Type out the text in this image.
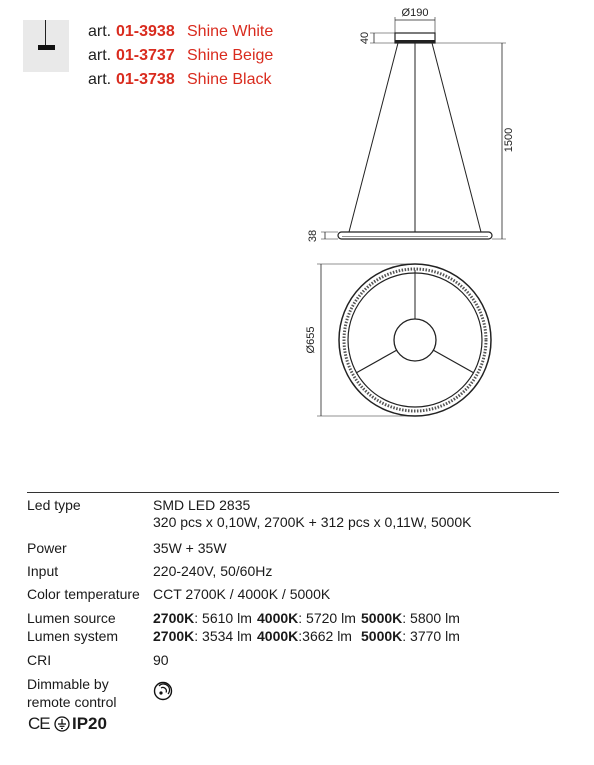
art. 01-3938 Shine White
art. 01-3737 Shine Beige
art. 01-3738 Shine Black
Ø190
40
1500
38
Ø655
Led type	SMD LED 2835
320 pcs x 0,10W, 2700K + 312 pcs x 0,11W, 5000K
Power	35W + 35W
Input	220-240V, 50/60Hz
Color temperature CCT 2700K / 4000K / 5000K
Lumen source	2700K: 5610 lm 4000K: 5720 lm 5000K: 5800 lm
Lumen system 2700K: 3534 lm 4000K:3662 lm 5000K: 3770 lm
CRI	90
Dimmable by
remote control
CE IP20
